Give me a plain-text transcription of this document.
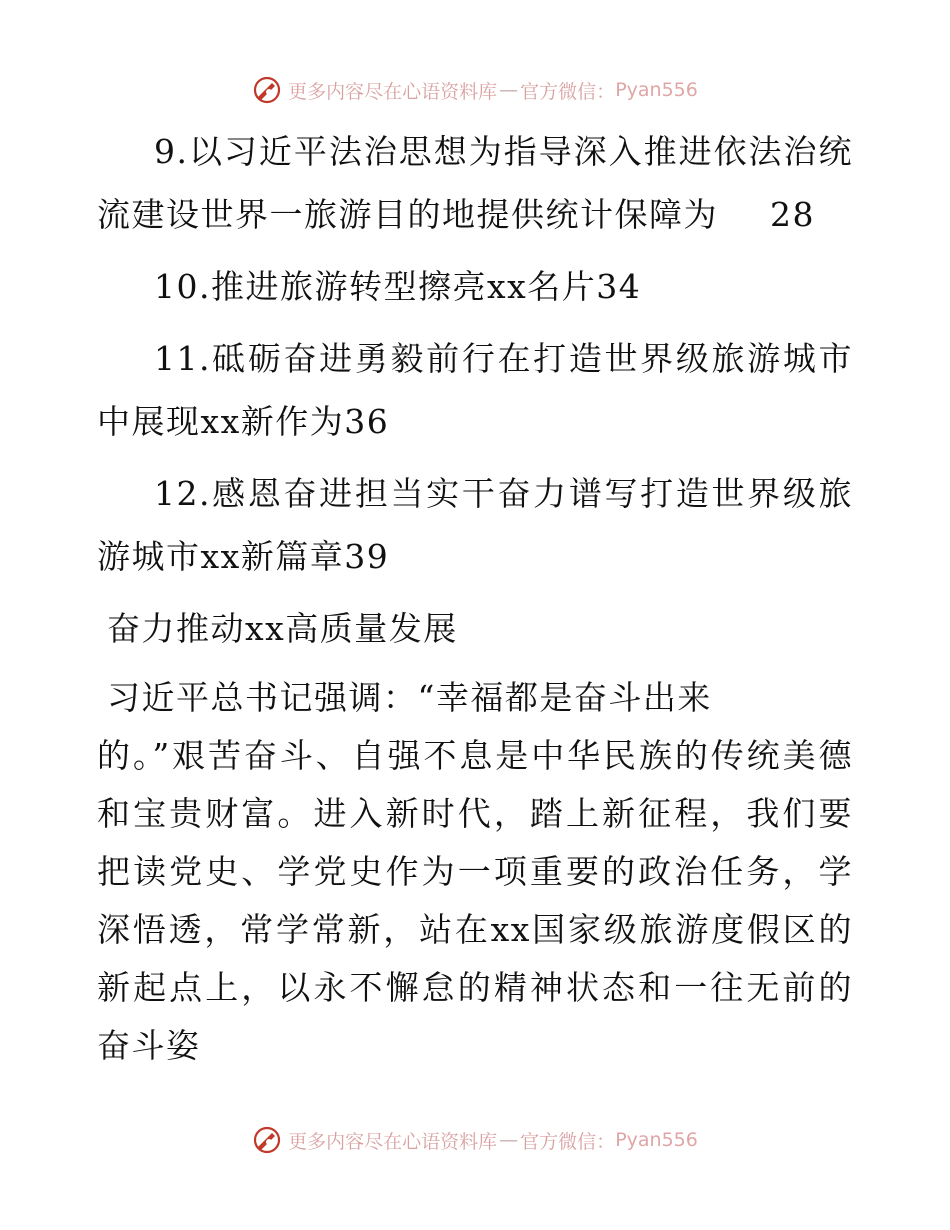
更多内容尽在心语资料库 — 官方微信： Pyan556

9.以习近平法治思想为指导深入推进依法治统流建设世界一旅游目的地提供统计保障为 28

10.推进旅游转型擦亮xx名片34

11.砥砺奋进勇毅前行在打造世界级旅游城市中展现xx新作为36

12.感恩奋进担当实干奋力谱写打造世界级旅游城市xx新篇章39

奋力推动xx高质量发展

习近平总书记强调：“幸福都是奋斗出来

的。”艰苦奋斗、自强不息是中华民族的传统美德和宝贵财富。进入新时代，踏上新征程，我们要把读党史、学党史作为一项重要的政治任务，学深悟透，常学常新，站在xx国家级旅游度假区的新起点上，以永不懈怠的精神状态和一往无前的奋斗姿

更多内容尽在心语资料库 — 官方微信： Pyan556
